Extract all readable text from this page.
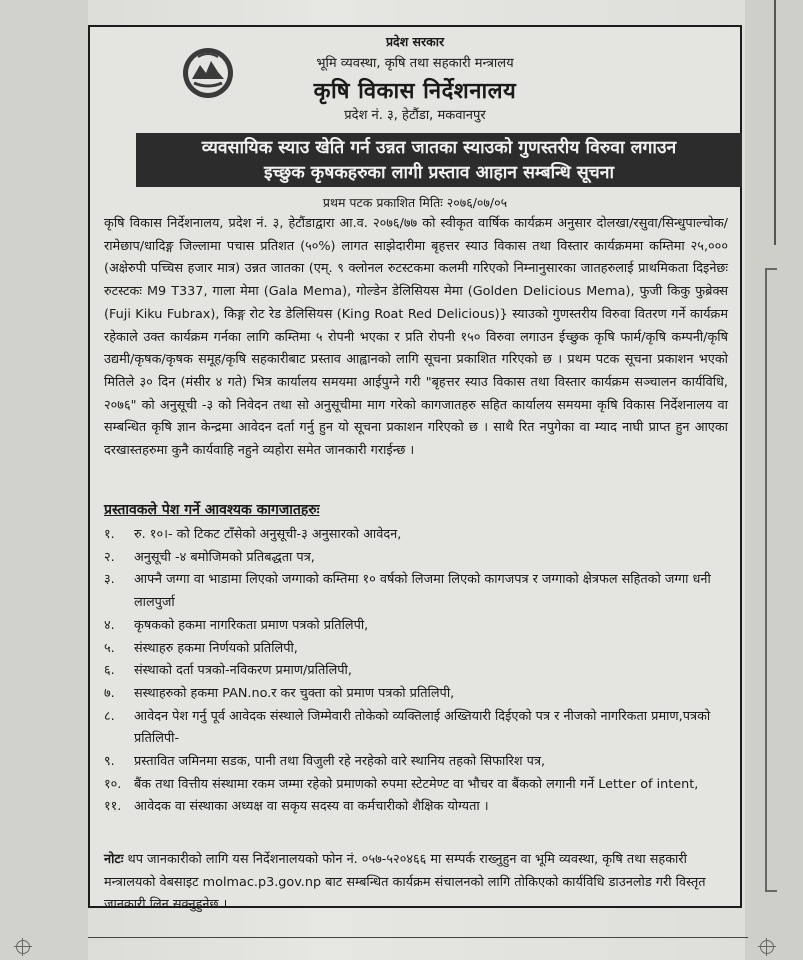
प्रदेश सरकार
भूमि व्यवस्था, कृषि तथा सहकारी मन्त्रालय
कृषि विकास निर्देशनालय
प्रदेश नं. ३, हेटौंडा, मकवानपुर
व्यवसायिक स्याउ खेति गर्न उन्नत जातका स्याउको गुणस्तरीय विरुवा लगाउन
इच्छुक कृषकहरुका लागी प्रस्ताव आहान सम्बन्धि सूचना
प्रथम पटक प्रकाशित मितिः २०७६/०७/०५
कृषि विकास निर्देशनालय, प्रदेश नं. ३, हेटौंडाद्वारा आ.व. २०७६/७७ को स्वीकृत वार्षिक कार्यक्रम अनुसार दोलखा/रसुवा/सिन्धुपाल्चोक/रामेछाप/धादिङ्ग जिल्लामा पचास प्रतिशत (५०%) लागत साझेदारीमा बृहत्तर स्याउ विकास तथा विस्तार कार्यक्रममा कम्तिमा २५,००० (अक्षेरुपी पच्चिस हजार मात्र) उन्नत जातका (एम्. ९ क्लोनल रुटस्टकमा कलमी गरिएको निम्नानुसारका जातहरुलाई प्राथमिकता दिइनेछः रुटस्टकः M9 T337, गाला मेमा (Gala Mema), गोल्डेन डेलिसियस मेमा (Golden Delicious Mema), फुजी किकु फुब्रेक्स (Fuji Kiku Fubrax), किङ्ग रोट रेड डेलिसियस (King Roat Red Delicious)} स्याउको गुणस्तरीय विरुवा वितरण गर्ने कार्यक्रम रहेकाले उक्त कार्यक्रम गर्नका लागि कम्तिमा ५ रोपनी भएका र प्रति रोपनी १५० विरुवा लगाउन ईच्छुक कृषि फार्म/कृषि कम्पनी/कृषि उद्यमी/कृषक/कृषक समूह/कृषि सहकारीबाट प्रस्ताव आह्वानको लागि सूचना प्रकाशित गरिएको छ । प्रथम पटक सूचना प्रकाशन भएको मितिले ३० दिन (मंसीर ४ गते) भित्र कार्यालय समयमा आईपुग्ने गरी "बृहत्तर स्याउ विकास तथा विस्तार कार्यक्रम सञ्चालन कार्यविधि, २०७६" को अनुसूची -३ को निवेदन तथा सो अनुसूचीमा माग गरेको कागजातहरु सहित कार्यालय समयमा कृषि विकास निर्देशनालय वा सम्बन्धित कृषि ज्ञान केन्द्रमा आवेदन दर्ता गर्नु हुन यो सूचना प्रकाशन गरिएको छ । साथै रित नपुगेका वा म्याद नाघी प्राप्त हुन आएका दरखास्तहरुमा कुनै कार्यवाहि नहुने व्यहोरा समेत जानकारी गराईन्छ ।
प्रस्तावकले पेश गर्ने आवश्यक कागजातहरुः
१. रु. १०।- को टिकट टाँसेको अनुसूची-३ अनुसारको आवेदन,
२. अनुसूची -४ बमोजिमको प्रतिबद्धता पत्र,
३. आफ्नै जग्गा वा भाडामा लिएको जग्गाको कम्तिमा १० वर्षको लिजमा लिएको कागजपत्र र जग्गाको क्षेत्रफल सहितको जग्गा धनी लालपुर्जा
४. कृषकको हकमा नागरिकता प्रमाण पत्रको प्रतिलिपी,
५. संस्थाहरु हकमा निर्णयको प्रतिलिपी,
६. संस्थाको दर्ता पत्रको-नविकरण प्रमाण/प्रतिलिपी,
७. सस्थाहरुको हकमा PAN.no.र कर चुक्ता को प्रमाण पत्रको प्रतिलिपी,
८. आवेदन पेश गर्नु पूर्व आवेदक संस्थाले जिम्मेवारी तोकेको व्यक्तिलाई अख्तियारी दिईएको पत्र र नीजको नागरिकता प्रमाण,पत्रको प्रतिलिपी-
९. प्रस्तावित जमिनमा सडक, पानी तथा विजुली रहे नरहेको वारे स्थानिय तहको सिफारिश पत्र,
१०. बैंक तथा वित्तीय संस्थामा रकम जम्मा रहेको प्रमाणको रुपमा स्टेटमेण्ट वा भौचर वा बैंकको लगानी गर्ने Letter of intent,
११. आवेदक वा संस्थाका अध्यक्ष वा सकृय सदस्य वा कर्मचारीको शैक्षिक योग्यता ।
नोटः थप जानकारीको लागि यस निर्देशनालयको फोन नं. ०५७-५२०४६६ मा सम्पर्क राख्नुहुन वा भूमि व्यवस्था, कृषि तथा सहकारी मन्त्रालयको वेबसाइट molmac.p3.gov.np बाट सम्बन्धित कार्यक्रम संचालनको लागि तोकिएको कार्यविधि डाउनलोड गरी विस्तृत जानकारी लिन सक्नुहुनेछ ।
